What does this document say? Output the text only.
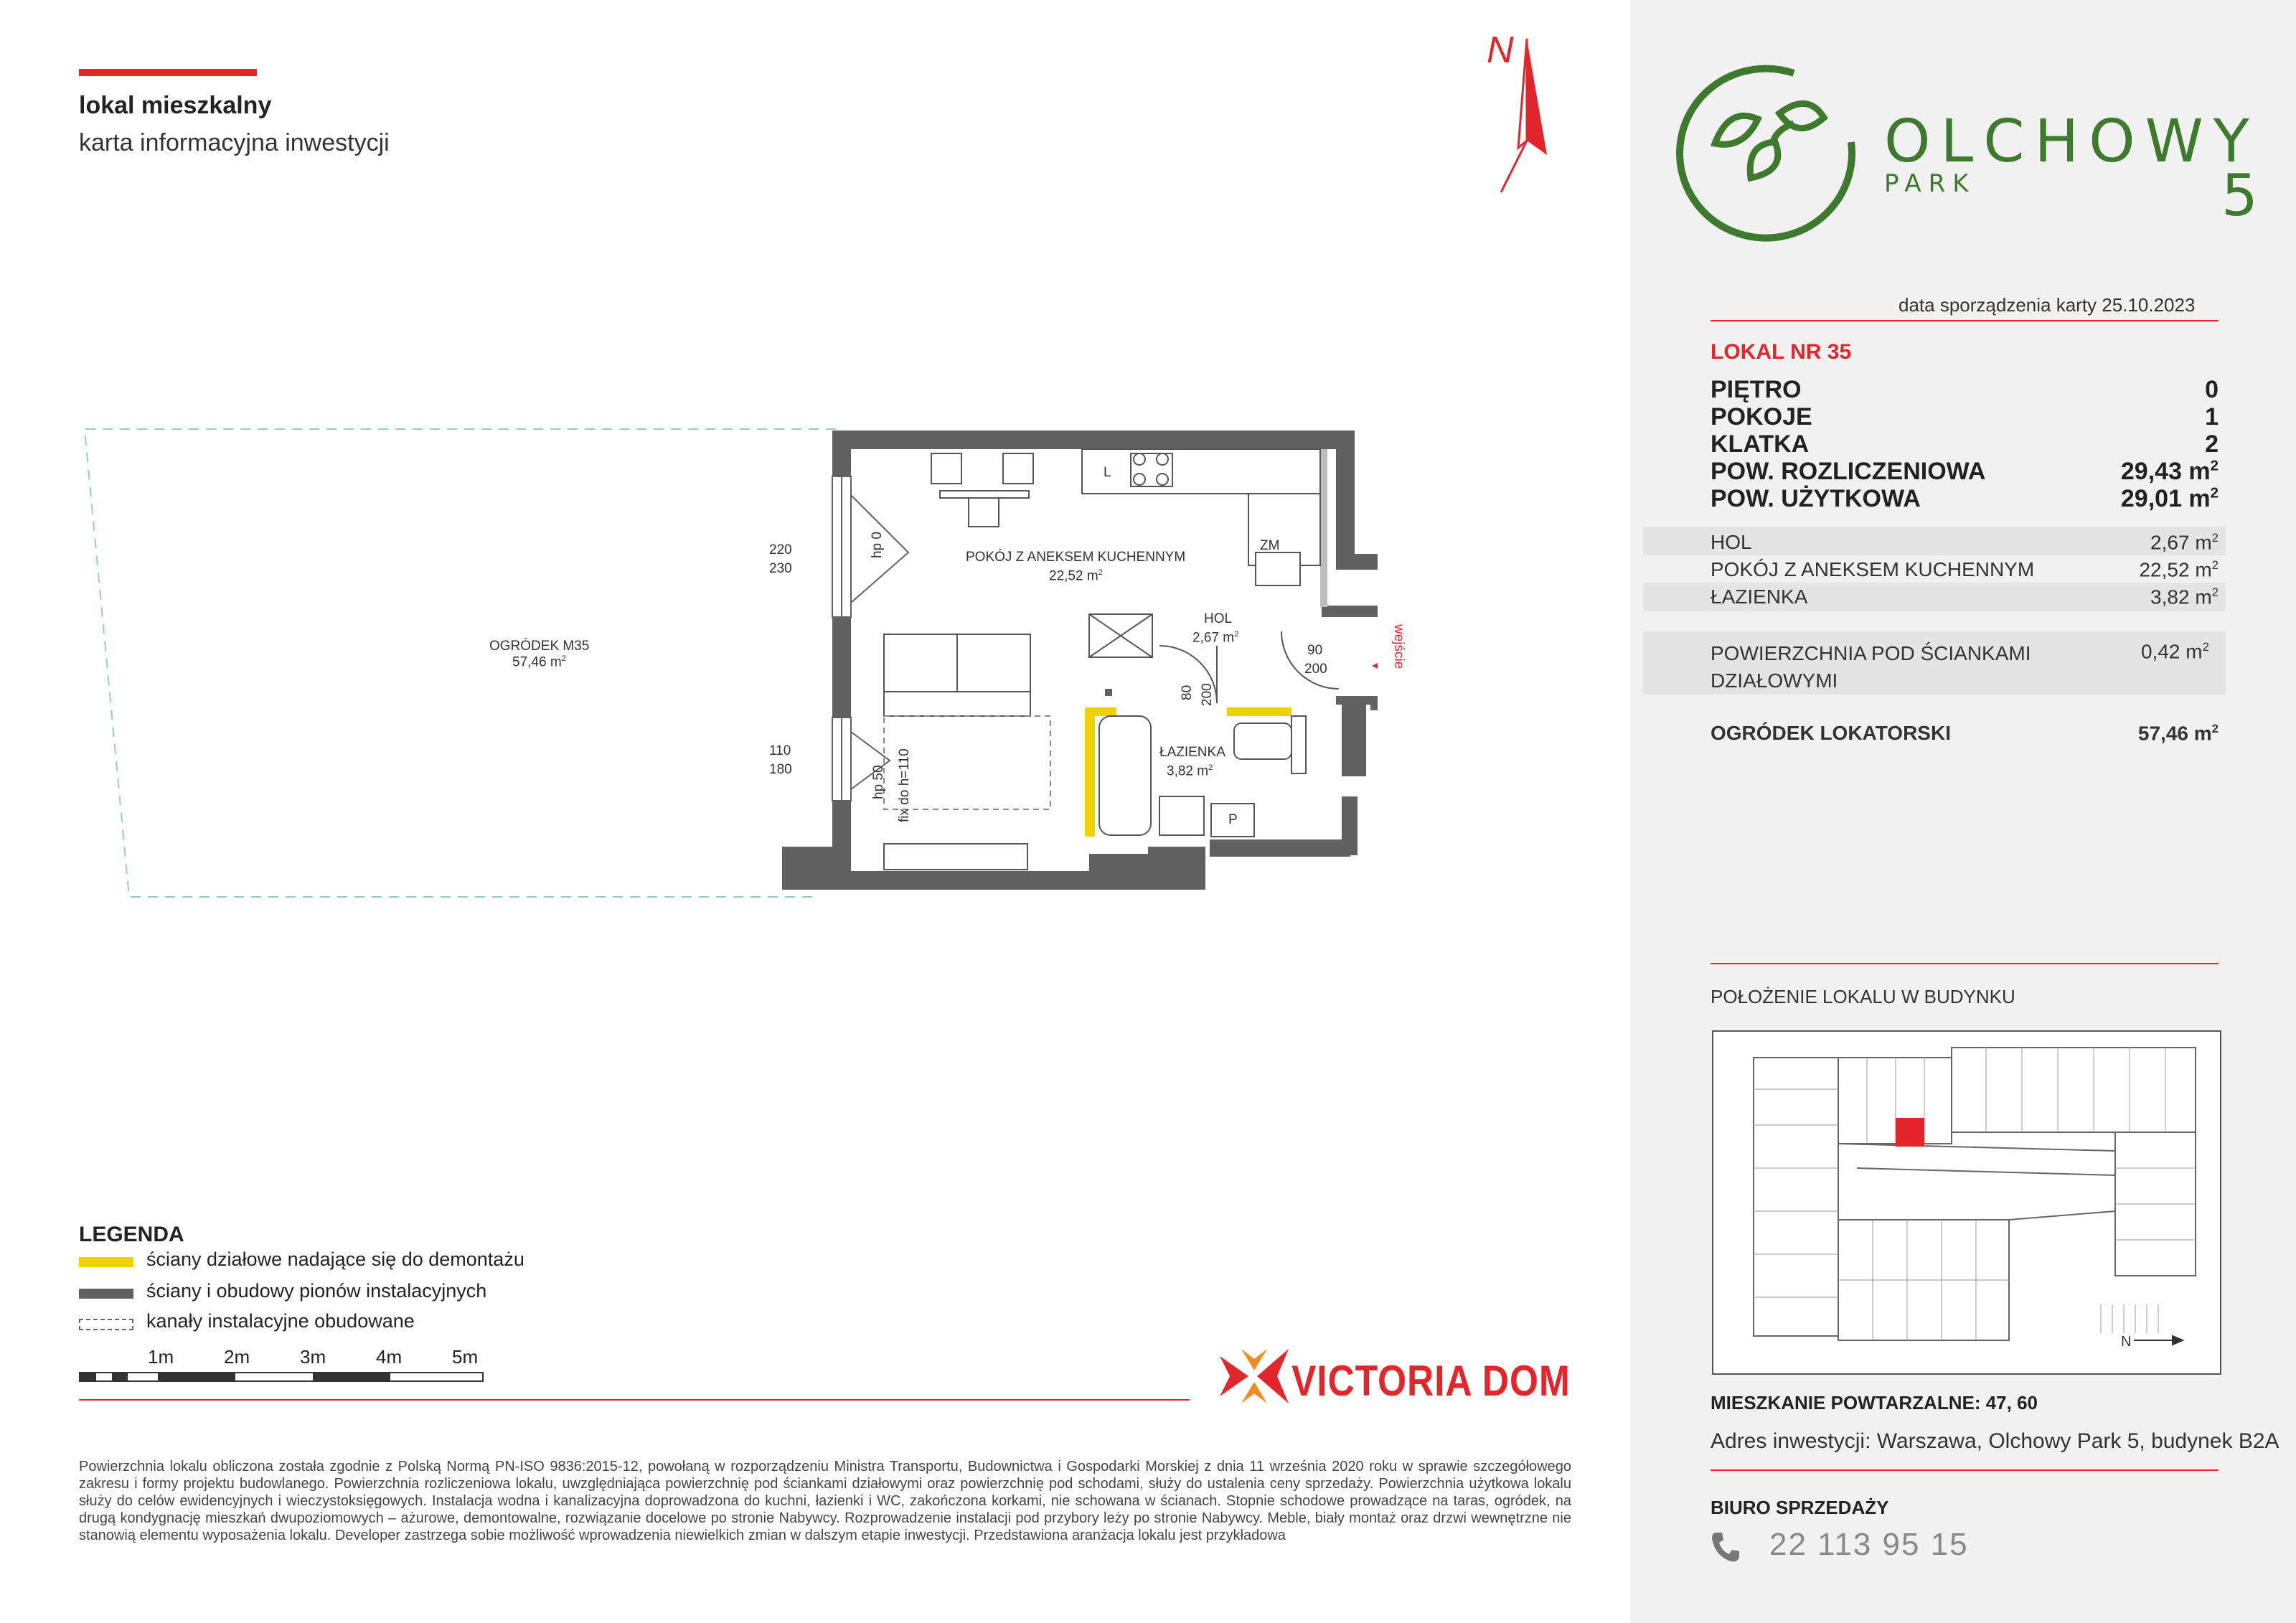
lokal mieszkalny
karta informacyjna inwestycji
N
OGRÓDEK M35
57,46 $m^2$
POKÓJ Z ANEKSEM KUCHENNYM
22,52 $m^2$
HOL
2,67 $m^2$
ŁAZIENKA
3,82 $m^2$
220
230
110
180
hp 0
hp 50 fix do h=110
90
200
80 200
ZM
L
P
wejście
LEGENDA
ściany działowe nadające się do demontażu
ściany i obudowy pionów instalacyjnych
kanały instalacyjne obudowane
1m	2m	3m	4m	5m	VICTORIA DOM
Powierzchnia lokalu obliczona została zgodnie z Polską Normą PN-ISO 9836:2015-12, powołaną w rozporządzeniu Ministra Transportu, Budownictwa i Gospodarki Morskiej z dnia 11 września 2020 roku w sprawie szczegółowego zakresu i formy projektu budowlanego. Powierzchnia rozliczeniowa lokalu, uwzględniająca powierzchnię pod ściankami działowymi oraz powierzchnię pod schodami, służy do ustalenia ceny sprzedaży. Powierzchnia użytkowa lokalu służy do celów ewidencyjnych i wieczystoksięgowych. Instalacja wodna i kanalizacyjna doprowadzona do kuchni, łazienki i WC, zakończona korkami, nie schowana w ścianach. Stopnie schodowe prowadzące na taras, ogródek, na drugą kondygnację mieszkań dwupoziomowych – ażurowe, demontowalne, rozwiązanie docelowe po stronie Nabywcy. Rozprowadzenie instalacji pod przybory leży po stronie Nabywcy. Meble, biały montaż oraz drzwi wewnętrzne nie stanowią elementu wyposażenia lokalu. Developer zastrzega sobie możliwość wprowadzenia niewielkich zmian w dalszym etapie inwestycji. Przedstawiona aranżacja lokalu jest przykładowa
OLCHOWY
PARK	5
data sporządzenia karty 25.10.2023
LOKAL NR 35
PIĘTRO	0
POKOJE	1
KLATKA	2
POW. ROZLICZENIOWA	29,43 $m^2$
POW. UŻYTKOWA	29,01 $m^2$
HOL	2,67 $m^2$
POKÓJ Z ANEKSEM KUCHENNYM	22,52 $m^2$
ŁAZIENKA	3,82 $m^2$
POWIERZCHNIA POD ŚCIANKAMI
DZIAŁOWYMI
0,42 $m^2$
OGRÓDEK LOKATORSKI	57,46 $m^2$
POŁOŻENIE LOKALU W BUDYNKU
N
MIESZKANIE POWTARZALNE: 47, 60
Adres inwestycji: Warszawa, Olchowy Park 5, budynek B2A
BIURO SPRZEDAŻY
22 113 95 15
